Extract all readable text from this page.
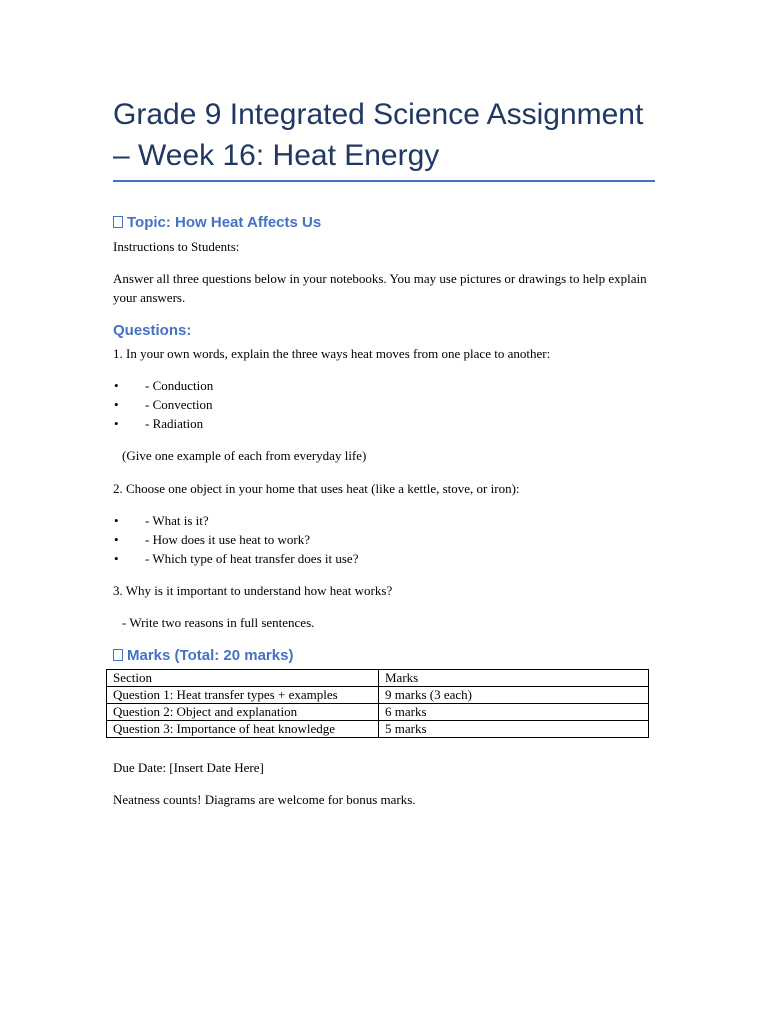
Grade 9 Integrated Science Assignment – Week 16: Heat Energy
Topic: How Heat Affects Us

Instructions to Students:

Answer all three questions below in your notebooks. You may use pictures or drawings to help explain your answers.

Questions:

1. In your own words, explain the three ways heat moves from one place to another:

• - Conduction
• - Convection
• - Radiation

(Give one example of each from everyday life)

2. Choose one object in your home that uses heat (like a kettle, stove, or iron):

• - What is it?
• - How does it use heat to work?
• - Which type of heat transfer does it use?

3. Why is it important to understand how heat works?

- Write two reasons in full sentences.

Marks (Total: 20 marks)
Section	Marks
Question 1: Heat transfer types + examples	9 marks (3 each)
Question 2: Object and explanation	6 marks
Question 3: Importance of heat knowledge	5 marks

Due Date: [Insert Date Here]

Neatness counts! Diagrams are welcome for bonus marks.
